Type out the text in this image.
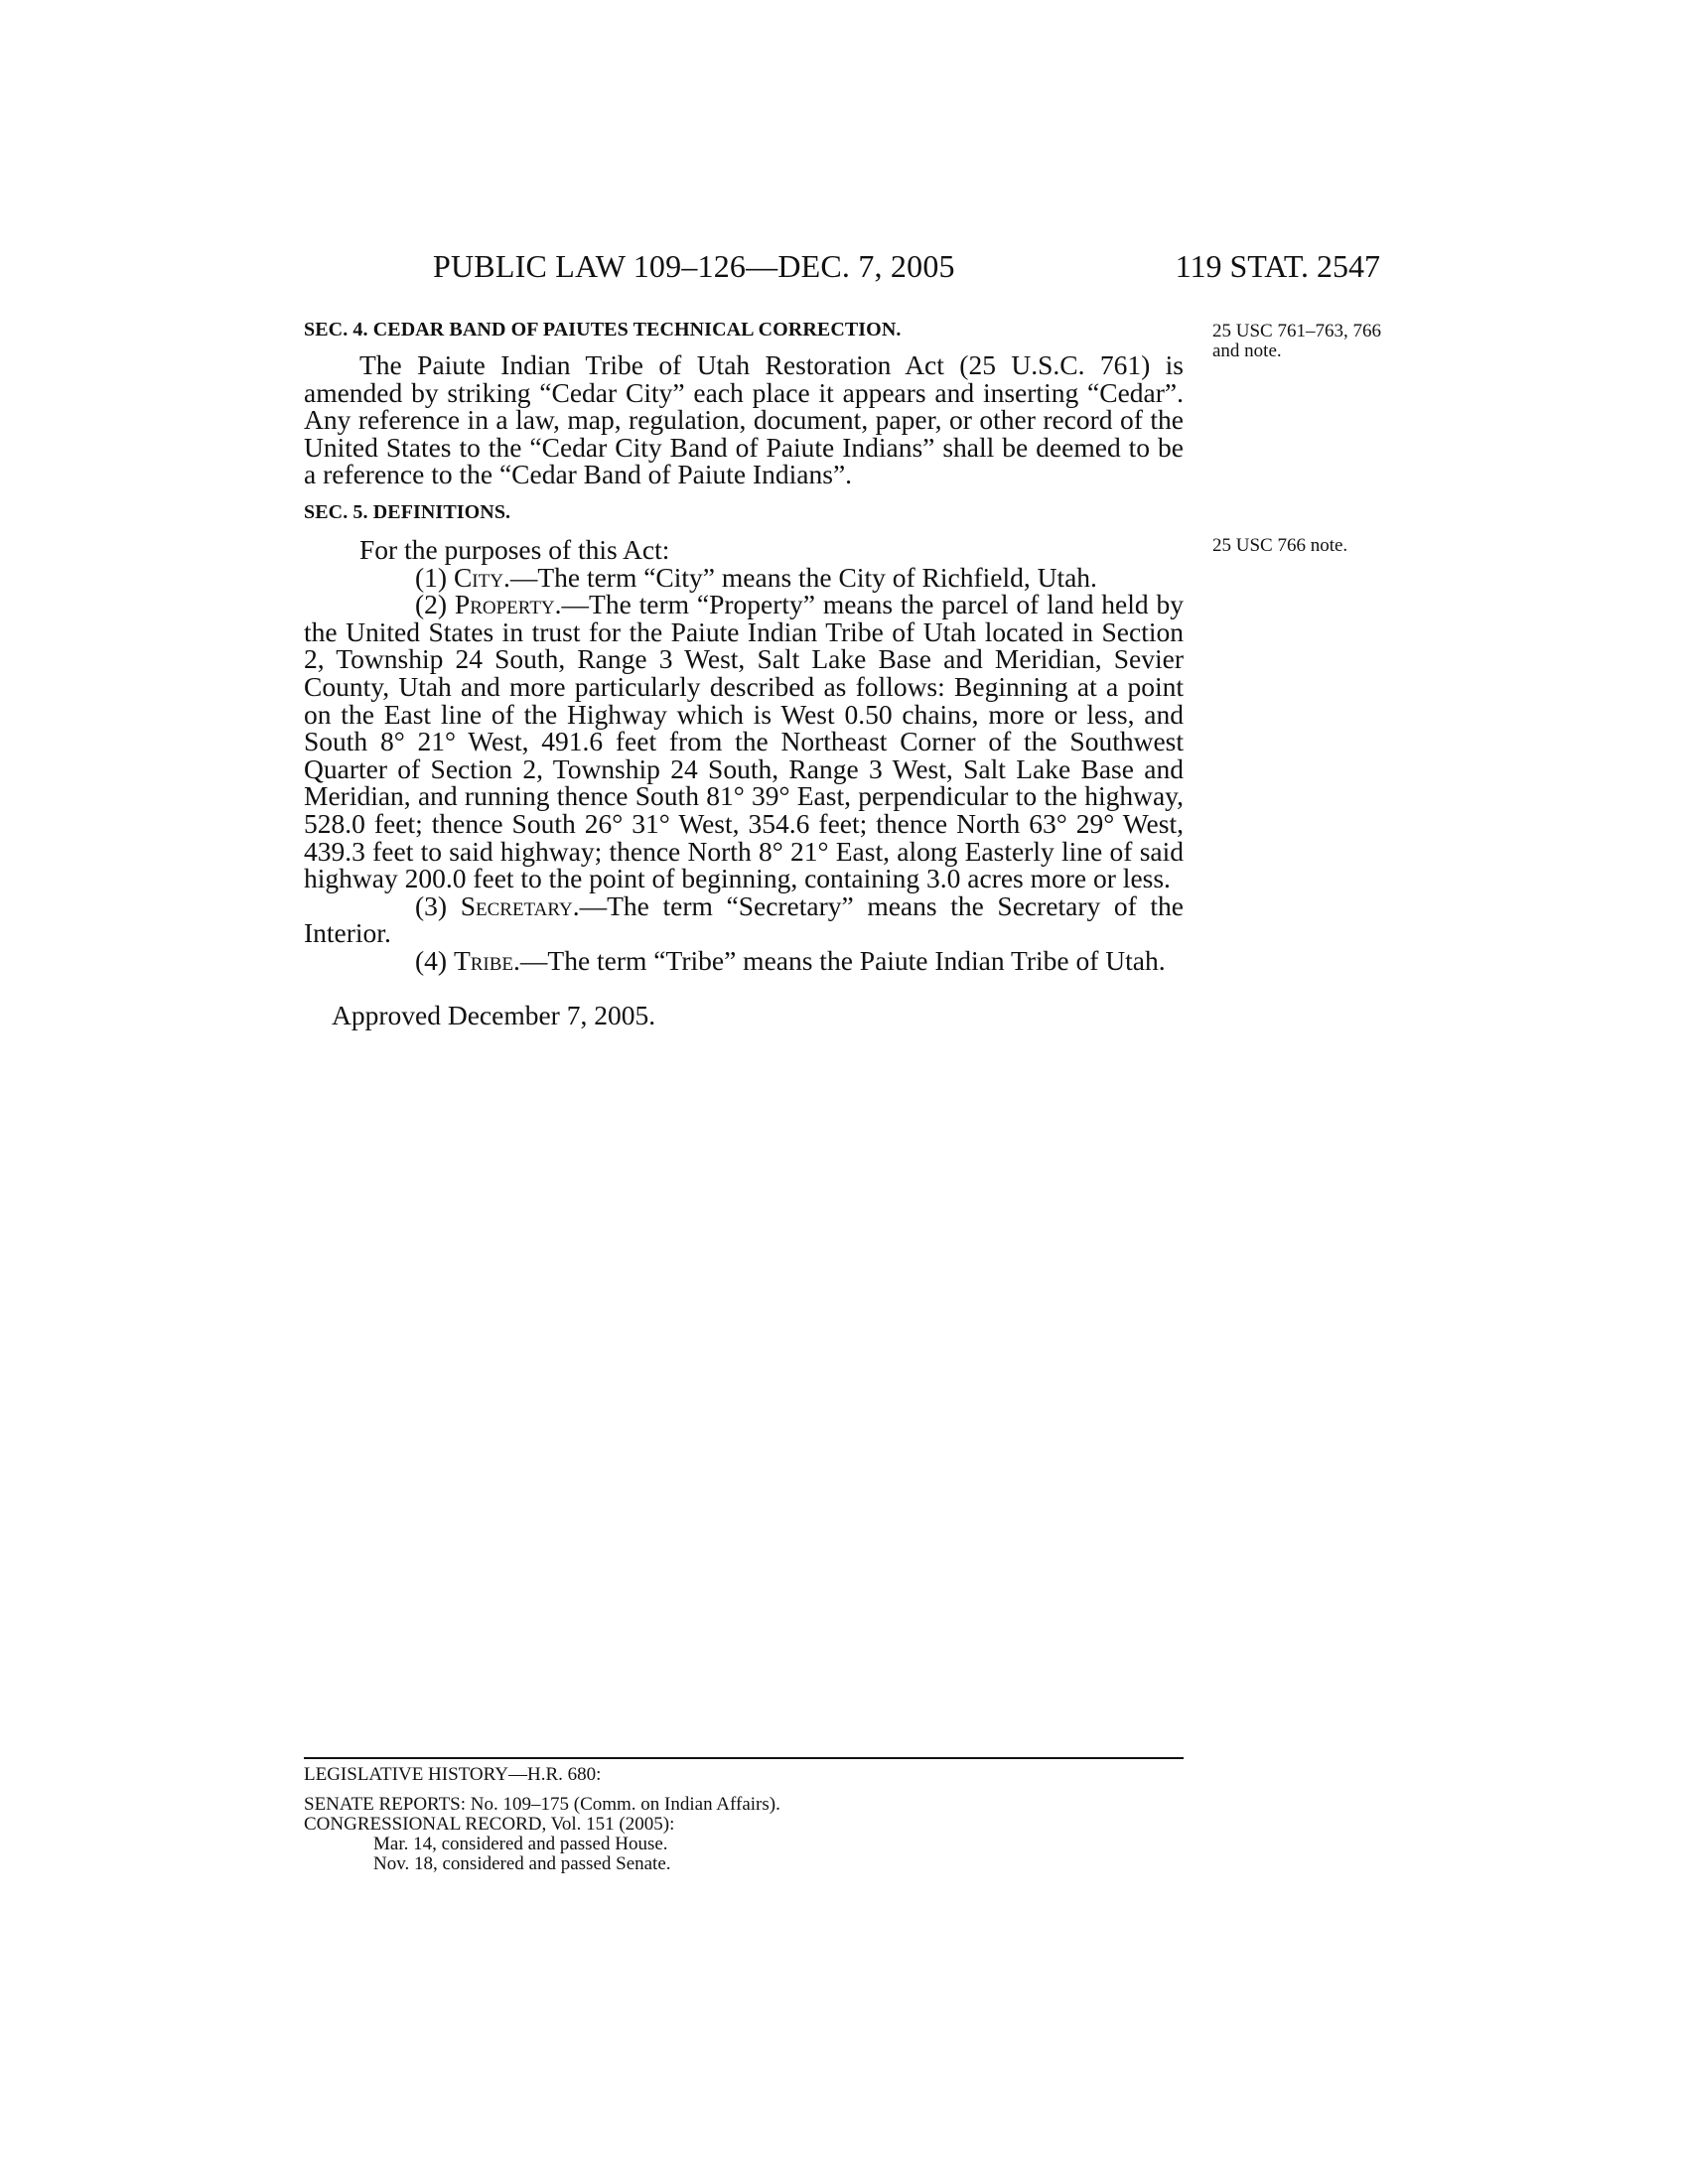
PUBLIC LAW 109–126—DEC. 7, 2005	119 STAT. 2547
25 USC 761–763, 766 and note.
25 USC 766 note.
SEC. 4. CEDAR BAND OF PAIUTES TECHNICAL CORRECTION.

The Paiute Indian Tribe of Utah Restoration Act (25 U.S.C. 761) is amended by striking “Cedar City” each place it appears and inserting “Cedar”. Any reference in a law, map, regulation, document, paper, or other record of the United States to the “Cedar City Band of Paiute Indians” shall be deemed to be a reference to the “Cedar Band of Paiute Indians”.

SEC. 5. DEFINITIONS.

For the purposes of this Act:

(1) City.—The term “City” means the City of Richfield, Utah.

(2) Property.—The term “Property” means the parcel of land held by the United States in trust for the Paiute Indian Tribe of Utah located in Section 2, Township 24 South, Range 3 West, Salt Lake Base and Meridian, Sevier County, Utah and more particularly described as follows: Beginning at a point on the East line of the Highway which is West 0.50 chains, more or less, and South 8° 21° West, 491.6 feet from the Northeast Corner of the Southwest Quarter of Section 2, Township 24 South, Range 3 West, Salt Lake Base and Meridian, and running thence South 81° 39° East, perpendicular to the highway, 528.0 feet; thence South 26° 31° West, 354.6 feet; thence North 63° 29° West, 439.3 feet to said highway; thence North 8° 21° East, along Easterly line of said highway 200.0 feet to the point of beginning, containing 3.0 acres more or less.

(3) Secretary.—The term “Secretary” means the Secretary of the Interior.

(4) Tribe.—The term “Tribe” means the Paiute Indian Tribe of Utah.

Approved December 7, 2005.

LEGISLATIVE HISTORY—H.R. 680:

SENATE REPORTS: No. 109–175 (Comm. on Indian Affairs).

CONGRESSIONAL RECORD, Vol. 151 (2005):

Mar. 14, considered and passed House.

Nov. 18, considered and passed Senate.
